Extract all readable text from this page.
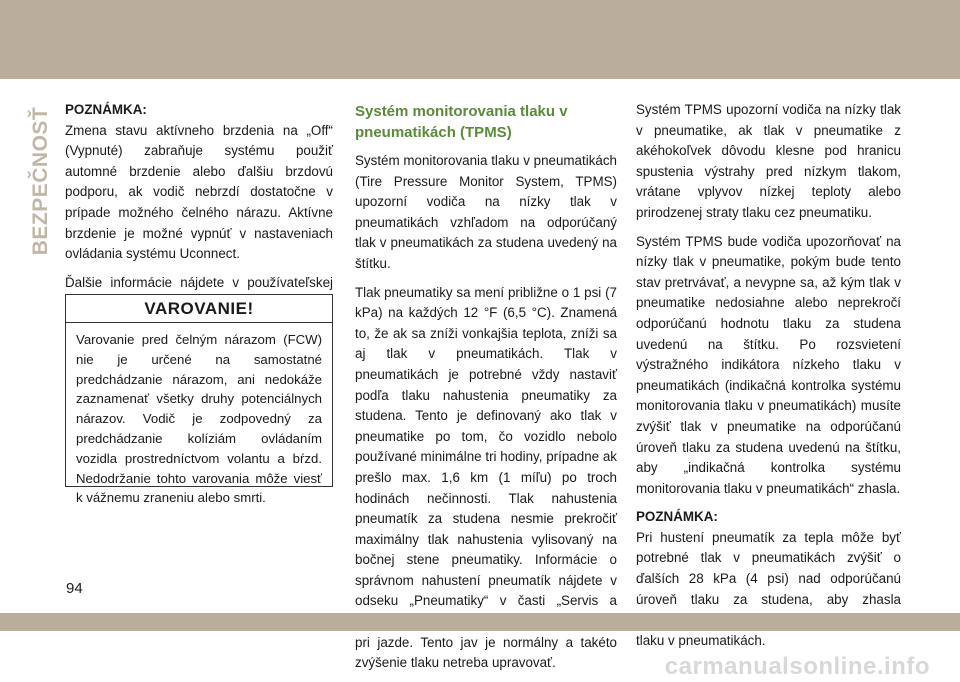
BEZPEČNOSŤ POZNÁMKA:
Zmena stavu aktívneho brzdenia na „Off“ (Vypnuté) zabraňuje systému použiť automné brzdenie alebo ďalšiu brzdovú podporu, ak vodič nebrzdí dostatočne v prípade možného čelného nárazu. Aktívne brzdenie je možné vypnúť v nastaveniach ovládania systému Uconnect.

Ďalšie informácie nájdete v používateľskej

VAROVANIE!
Varovanie pred čelným nárazom (FCW) nie je určené na samostatné predchádzanie nárazom, ani nedokáže zaznamenať všetky druhy potenciálnych nárazov. Vodič je zodpovedný za predchádzanie kolíziám ovládaním vozidla prostredníctvom volantu a bŕzd. Nedodržanie tohto varovania môže viesť k vážnemu zraneniu alebo smrti.
Systém monitorovania tlaku v pneumatikách (TPMS)

Systém monitorovania tlaku v pneumatikách (Tire Pressure Monitor System, TPMS) upozorní vodiča na nízky tlak v pneumatikách vzhľadom na odporúčaný tlak v pneumatikách za studena uvedený na štítku.

Tlak pneumatiky sa mení približne o 1 psi (7 kPa) na každých 12 °F (6,5 °C). Znamená to, že ak sa zníži vonkajšia teplota, zníži sa aj tlak v pneumatikách. Tlak v pneumatikách je potrebné vždy nastaviť podľa tlaku nahustenia pneumatiky za studena. Tento je definovaný ako tlak v pneumatike po tom, čo vozidlo nebolo používané minimálne tri hodiny, prípadne ak prešlo max. 1,6 km (1 míľu) po troch hodinách nečinnosti. Tlak nahustenia pneumatík za studena nesmie prekročiť maximálny tlak nahustenia vylisovaný na bočnej stene pneumatiky. Informácie o správnom nahustení pneumatík nájdete v odseku „Pneumatiky“ v časti „Servis a pri jazde. Tento jav je normálny a takéto zvýšenie tlaku netreba upravovať.

Systém TPMS upozorní vodiča na nízky tlak v pneumatike, ak tlak v pneumatike z akéhokoľvek dôvodu klesne pod hranicu spustenia výstrahy pred nízkym tlakom, vrátane vplyvov nízkej teploty alebo prirodzenej straty tlaku cez pneumatiku.

Systém TPMS bude vodiča upozorňovať na nízky tlak v pneumatike, pokým bude tento stav pretrvávať, a nevypne sa, až kým tlak v pneumatike nedosiahne alebo neprekročí odporúčanú hodnotu tlaku za studena uvedenú na štítku. Po rozsvietení výstražného indikátora nízkeho tlaku v pneumatikách (indikačná kontrolka systému monitorovania tlaku v pneumatikách) musíte zvýšiť tlak v pneumatike na odporúčanú úroveň tlaku za studena uvedenú na štítku, aby „indikačná kontrolka systému monitorovania tlaku v pneumatikách“ zhasla.

POZNÁMKA:
Pri hustení pneumatík za tepla môže byť potrebné tlak v pneumatikách zvýšiť o ďalších 28 kPa (4 psi) nad odporúčanú úroveň tlaku za studena, aby zhasla tlaku v pneumatikách.

94
carmanualsonline.info
